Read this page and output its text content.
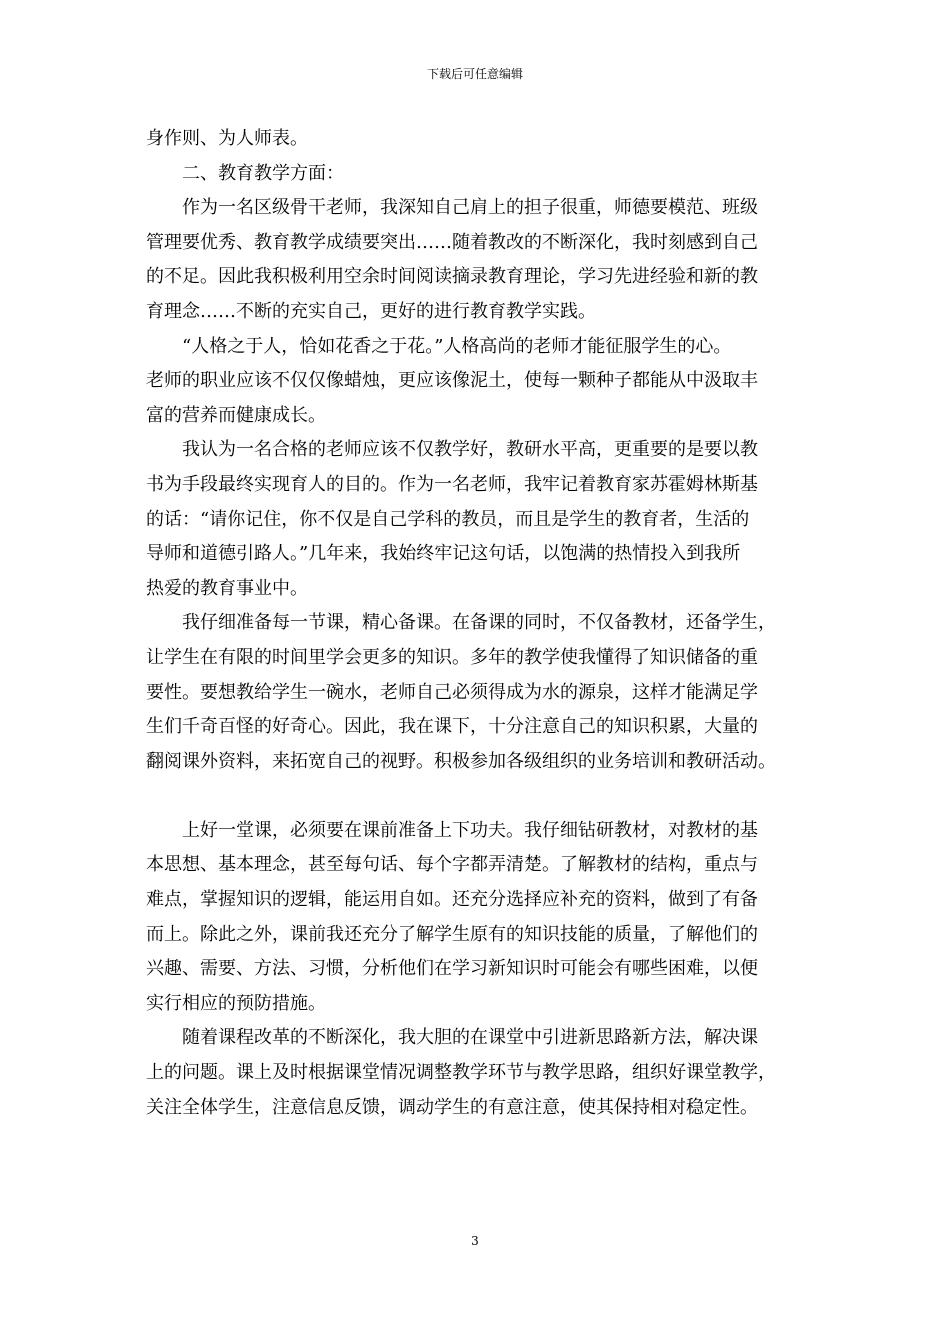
下载后可任意编辑
身作则、为人师表。
二、教育教学方面：
作为一名区级骨干老师，我深知自己肩上的担子很重，师德要模范、班级
管理要优秀、教育教学成绩要突出……随着教改的不断深化，我时刻感到自己
的不足。因此我积极利用空余时间阅读摘录教育理论，学习先进经验和新的教
育理念……不断的充实自己，更好的进行教育教学实践。
“人格之于人，恰如花香之于花。”人格高尚的老师才能征服学生的心。
老师的职业应该不仅仅像蜡烛，更应该像泥土，使每一颗种子都能从中汲取丰
富的营养而健康成长。
我认为一名合格的老师应该不仅教学好，教研水平高，更重要的是要以教
书为手段最终实现育人的目的。作为一名老师，我牢记着教育家苏霍姆林斯基
的话：“请你记住，你不仅是自己学科的教员，而且是学生的教育者，生活的
导师和道德引路人。”几年来，我始终牢记这句话，以饱满的热情投入到我所
热爱的教育事业中。
我仔细准备每一节课，精心备课。在备课的同时，不仅备教材，还备学生，
让学生在有限的时间里学会更多的知识。多年的教学使我懂得了知识储备的重
要性。要想教给学生一碗水，老师自己必须得成为水的源泉，这样才能满足学
生们千奇百怪的好奇心。因此，我在课下，十分注意自己的知识积累，大量的
翻阅课外资料，来拓宽自己的视野。积极参加各级组织的业务培训和教研活动。
上好一堂课，必须要在课前准备上下功夫。我仔细钻研教材，对教材的基
本思想、基本理念，甚至每句话、每个字都弄清楚。了解教材的结构，重点与
难点，掌握知识的逻辑，能运用自如。还充分选择应补充的资料，做到了有备
而上。除此之外，课前我还充分了解学生原有的知识技能的质量，了解他们的
兴趣、需要、方法、习惯，分析他们在学习新知识时可能会有哪些困难，以便
实行相应的预防措施。
随着课程改革的不断深化，我大胆的在课堂中引进新思路新方法，解决课
上的问题。课上及时根据课堂情况调整教学环节与教学思路，组织好课堂教学，
关注全体学生，注意信息反馈，调动学生的有意注意，使其保持相对稳定性。
3
